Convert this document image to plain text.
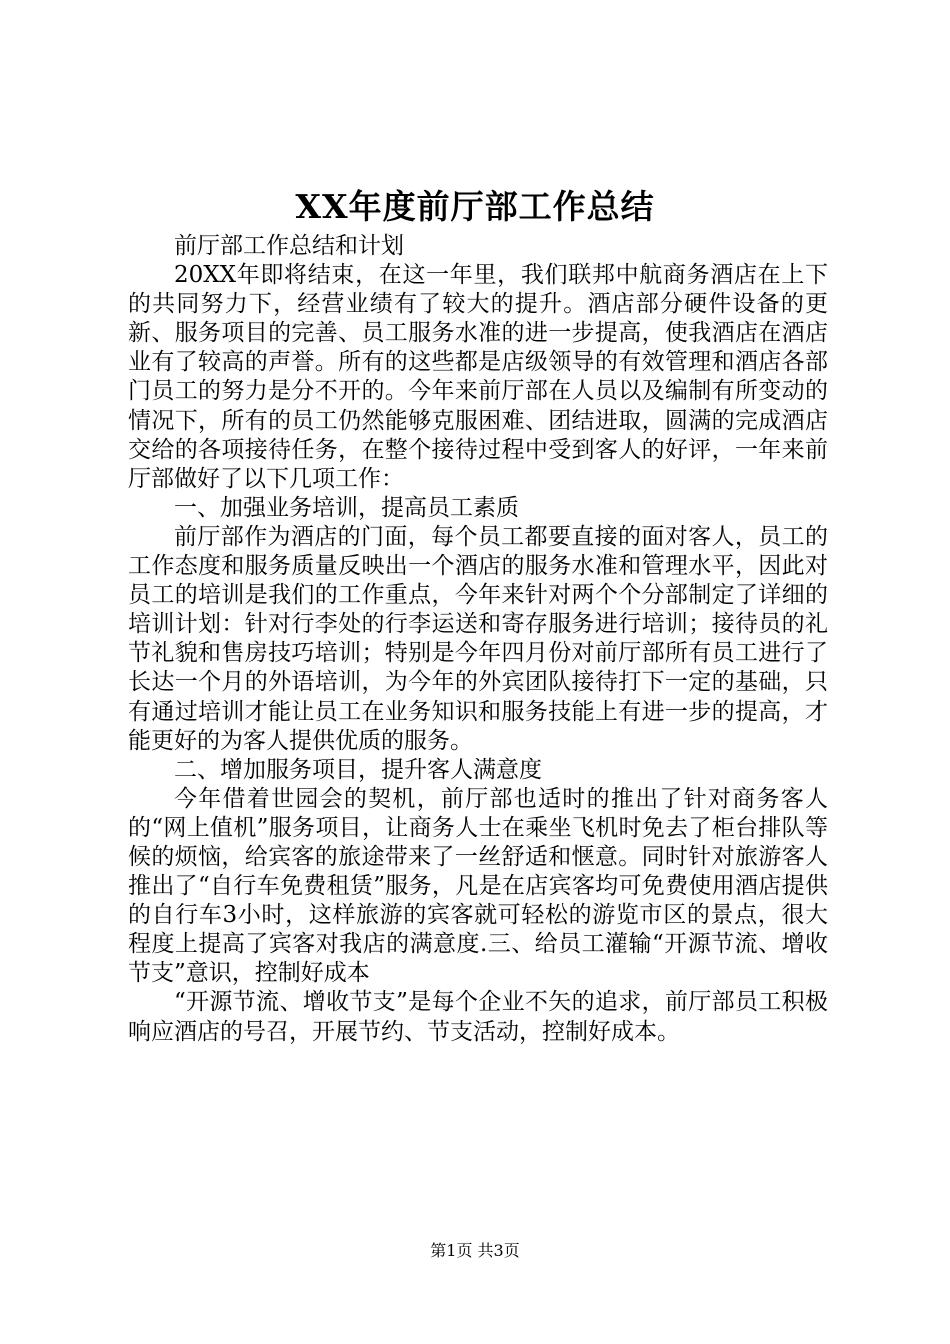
XX年度前厅部工作总结

前厅部工作总结和计划

20XX年即将结束，在这一年里，我们联邦中航商务酒店在上下的共同努力下，经营业绩有了较大的提升。酒店部分硬件设备的更新、服务项目的完善、员工服务水准的进一步提高，使我酒店在酒店业有了较高的声誉。所有的这些都是店级领导的有效管理和酒店各部门员工的努力是分不开的。今年来前厅部在人员以及编制有所变动的情况下，所有的员工仍然能够克服困难、团结进取，圆满的完成酒店交给的各项接待任务，在整个接待过程中受到客人的好评，一年来前厅部做好了以下几项工作：

一、加强业务培训，提高员工素质

前厅部作为酒店的门面，每个员工都要直接的面对客人，员工的工作态度和服务质量反映出一个酒店的服务水准和管理水平，因此对员工的培训是我们的工作重点，今年来针对两个个分部制定了详细的培训计划：针对行李处的行李运送和寄存服务进行培训；接待员的礼节礼貌和售房技巧培训；特别是今年四月份对前厅部所有员工进行了长达一个月的外语培训，为今年的外宾团队接待打下一定的基础，只有通过培训才能让员工在业务知识和服务技能上有进一步的提高，才能更好的为客人提供优质的服务。

二、增加服务项目，提升客人满意度

今年借着世园会的契机，前厅部也适时的推出了针对商务客人的“网上值机”服务项目，让商务人士在乘坐飞机时免去了柜台排队等候的烦恼，给宾客的旅途带来了一丝舒适和惬意。同时针对旅游客人推出了“自行车免费租赁”服务，凡是在店宾客均可免费使用酒店提供的自行车3小时，这样旅游的宾客就可轻松的游览市区的景点，很大程度上提高了宾客对我店的满意度.三、给员工灌输“开源节流、增收节支”意识，控制好成本

“开源节流、增收节支”是每个企业不矢的追求，前厅部员工积极响应酒店的号召，开展节约、节支活动，控制好成本。

第1页 共3页
